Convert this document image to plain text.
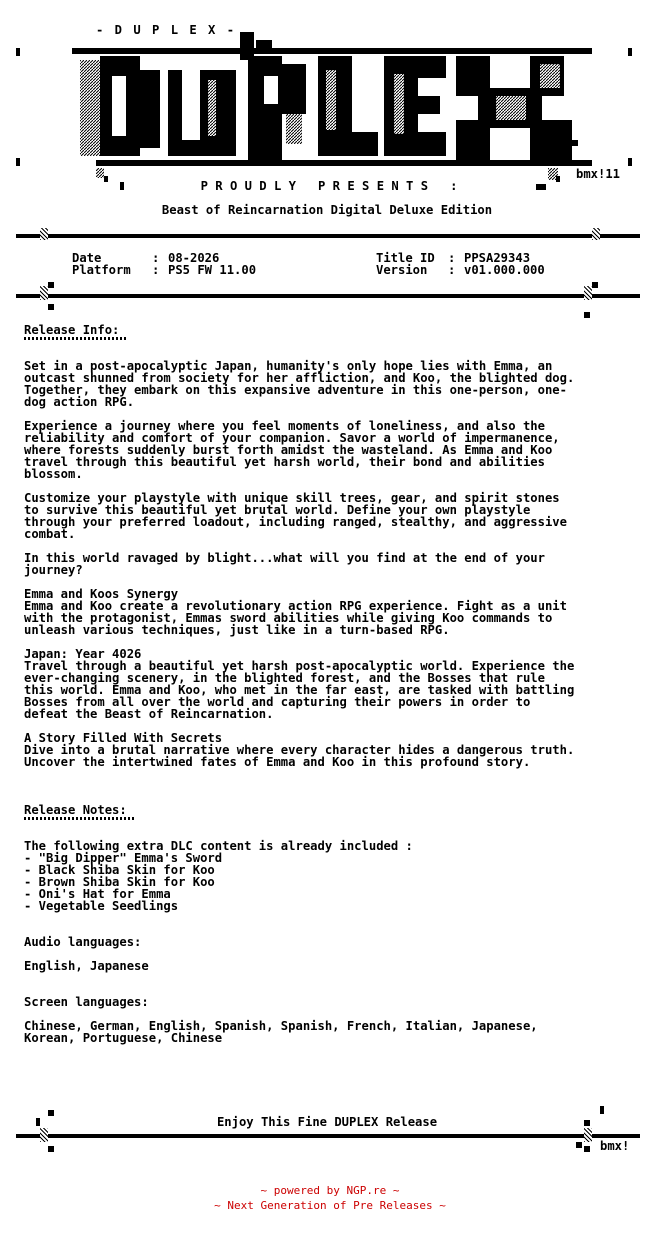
- D U P L E X -
bmx!11
P R O U D L Y   P R E S E N T S   :
Beast of Reincarnation Digital Deluxe Edition
Date	: 08-2026
Platform : PS5 FW 11.00
Title ID : PPSA29343
Version : v01.000.000
Release Info:
Set in a post-apocalyptic Japan, humanity's only hope lies with Emma, an
outcast shunned from society for her affliction, and Koo, the blighted dog.
Together, they embark on this expansive adventure in this one-person, one-
dog action RPG.
Experience a journey where you feel moments of loneliness, and also the
reliability and comfort of your companion. Savor a world of impermanence,
where forests suddenly burst forth amidst the wasteland. As Emma and Koo
travel through this beautiful yet harsh world, their bond and abilities
blossom.
Customize your playstyle with unique skill trees, gear, and spirit stones
to survive this beautiful yet brutal world. Define your own playstyle
through your preferred loadout, including ranged, stealthy, and aggressive
combat.
In this world ravaged by blight...what will you find at the end of your
journey?
Emma and Koos Synergy
Emma and Koo create a revolutionary action RPG experience. Fight as a unit
with the protagonist, Emmas sword abilities while giving Koo commands to
unleash various techniques, just like in a turn-based RPG.
Japan: Year 4026
Travel through a beautiful yet harsh post-apocalyptic world. Experience the
ever-changing scenery, in the blighted forest, and the Bosses that rule
this world. Emma and Koo, who met in the far east, are tasked with battling
Bosses from all over the world and capturing their powers in order to
defeat the Beast of Reincarnation.
A Story Filled With Secrets
Dive into a brutal narrative where every character hides a dangerous truth.
Uncover the intertwined fates of Emma and Koo in this profound story.
Release Notes:
The following extra DLC content is already included :
- "Big Dipper" Emma's Sword
- Black Shiba Skin for Koo
- Brown Shiba Skin for Koo
- Oni's Hat for Emma
- Vegetable Seedlings
Audio languages:
English, Japanese
Screen languages:
Chinese, German, English, Spanish, Spanish, French, Italian, Japanese,
Korean, Portuguese, Chinese
Enjoy This Fine DUPLEX Release
bmx!
~ powered by NGP.re ~
~ Next Generation of Pre Releases ~
